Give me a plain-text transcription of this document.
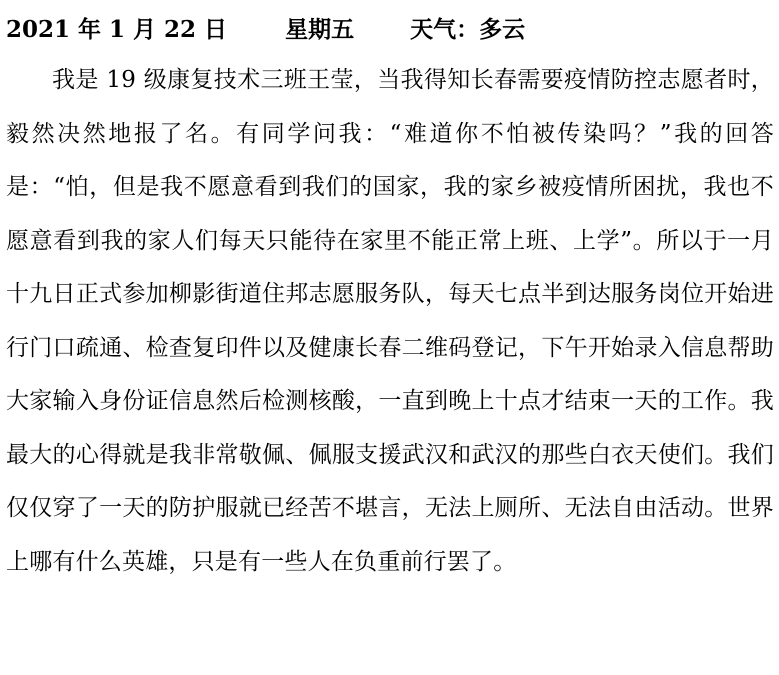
2021 年 1 月 22 日	星期五 天气：多云

我是 19 级康复技术三班王莹，当我得知长春需要疫情防控志愿者时，毅然决然地报了名。有同学问我：“难道你不怕被传染吗？”我的回答是：“怕，但是我不愿意看到我们的国家，我的家乡被疫情所困扰，我也不愿意看到我的家人们每天只能待在家里不能正常上班、上学”。所以于一月十九日正式参加柳影街道住邦志愿服务队，每天七点半到达服务岗位开始进行门口疏通、检查复印件以及健康长春二维码登记，下午开始录入信息帮助大家输入身份证信息然后检测核酸，一直到晚上十点才结束一天的工作。我最大的心得就是我非常敬佩、佩服支援武汉和武汉的那些白衣天使们。我们仅仅穿了一天的防护服就已经苦不堪言，无法上厕所、无法自由活动。世界上哪有什么英雄，只是有一些人在负重前行罢了。
